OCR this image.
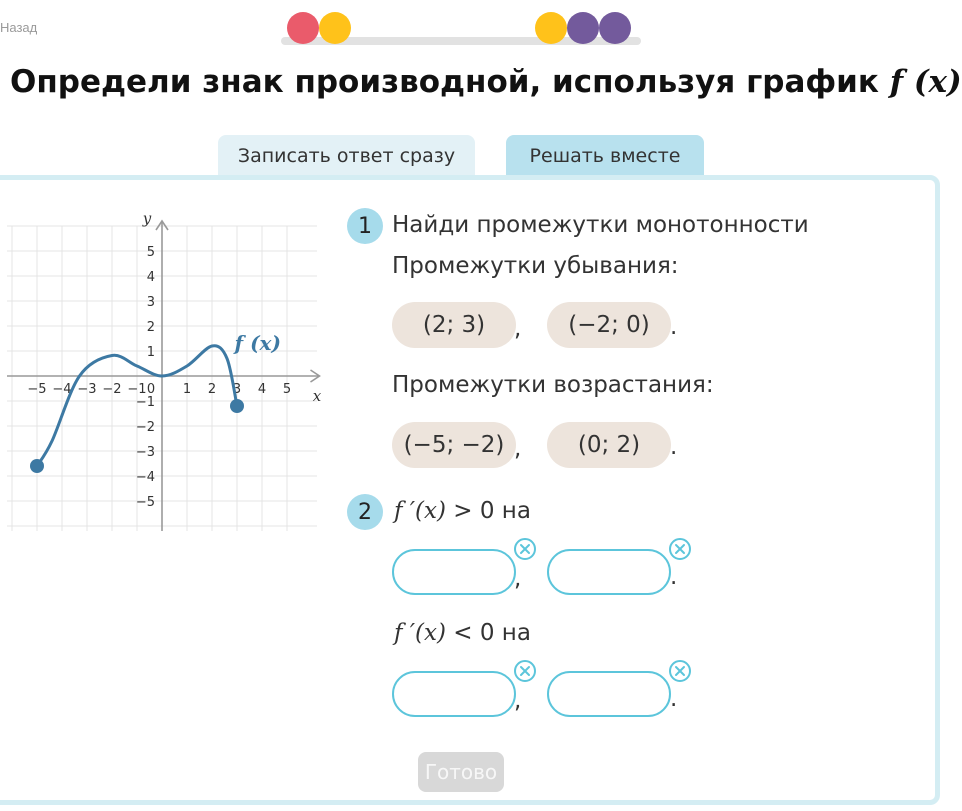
Назад
Определи знак производной, используя график f (x)
Записать ответ сразу	Решать вместе
−5 −4 −3 −2 −1 0 1 2 3 4 5
5
4
3
2
1
−1
−2
−3
−4
−5
x
y
f (x)
1 Найди промежутки монотонности
Промежутки убывания:
(2; 3)	,	(−2; 0) .
Промежутки возрастания:
(−5; −2) ,	(0; 2)	.
2 f ′(x) > 0 на
,	.
f ′(x) < 0 на
,	.
Готово
